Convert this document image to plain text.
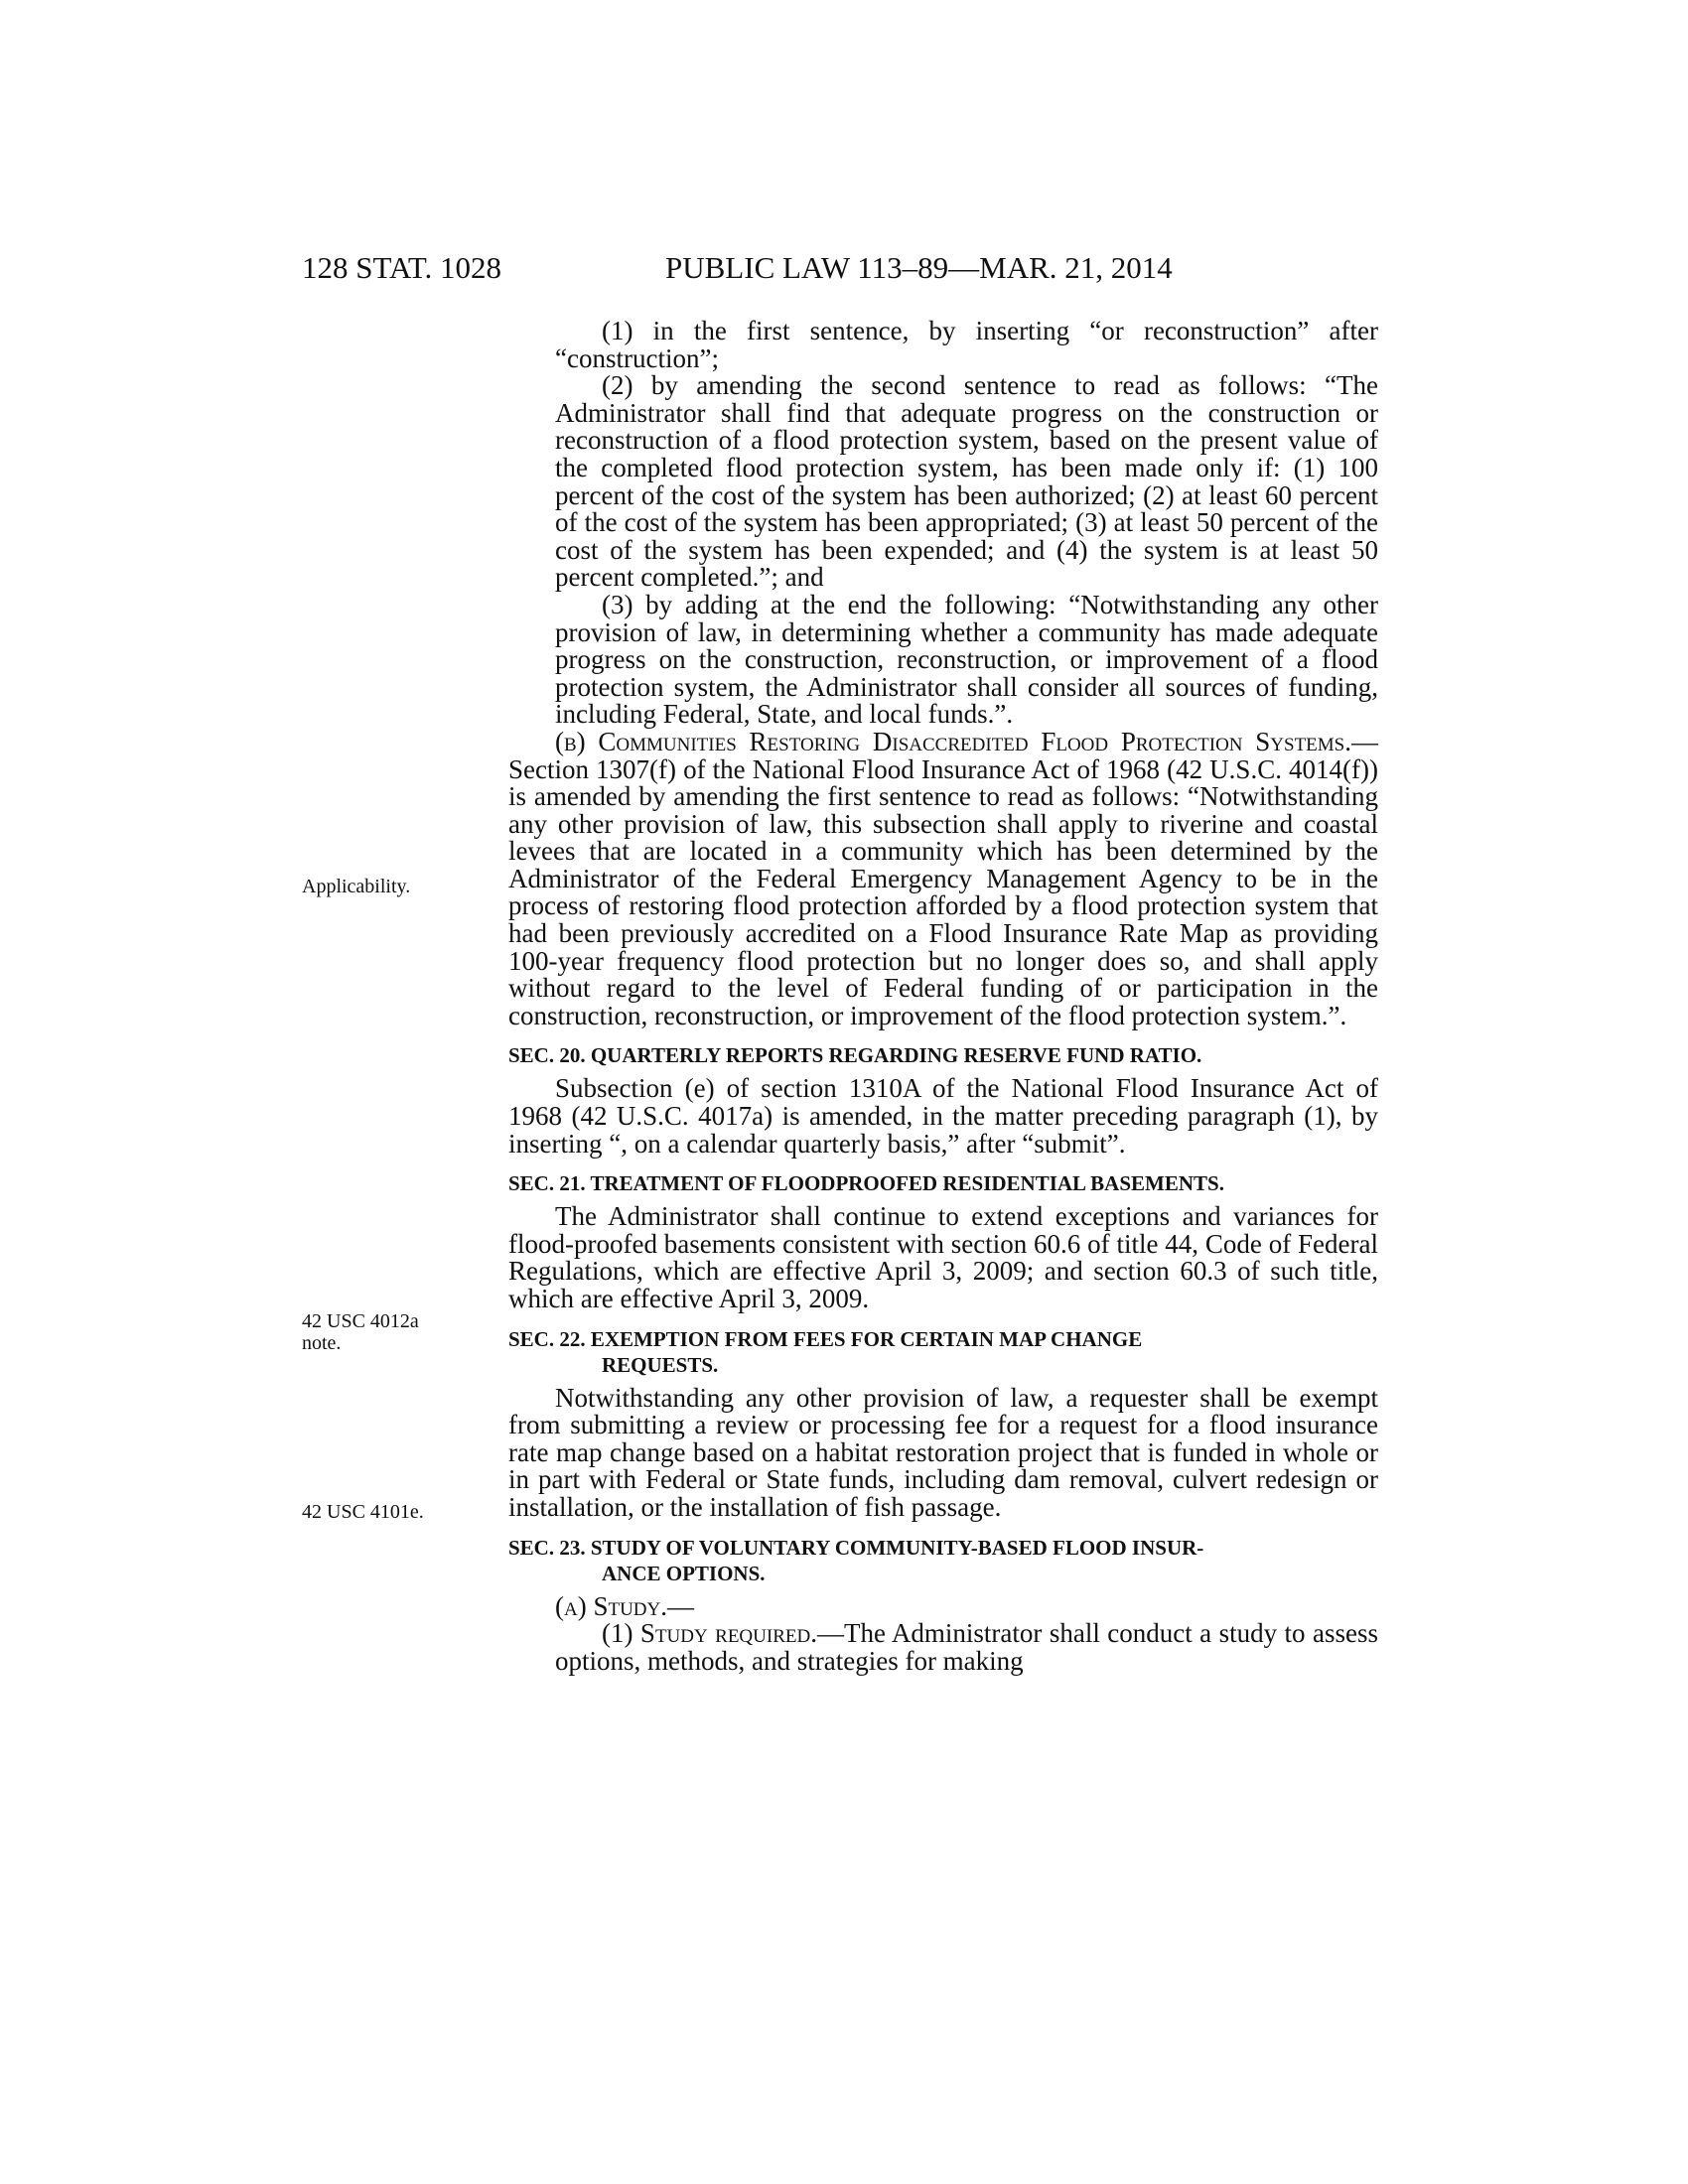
128 STAT. 1028	PUBLIC LAW 113–89—MAR. 21, 2014
Applicability.
42 USC 4012a
note.
42 USC 4101e.

(1) in the first sentence, by inserting “or reconstruction” after “construction”;

(2) by amending the second sentence to read as follows: “The Administrator shall find that adequate progress on the construction or reconstruction of a flood protection system, based on the present value of the completed flood protection system, has been made only if: (1) 100 percent of the cost of the system has been authorized; (2) at least 60 percent of the cost of the system has been appropriated; (3) at least 50 percent of the cost of the system has been expended; and (4) the system is at least 50 percent completed.”; and

(3) by adding at the end the following: “Notwithstanding any other provision of law, in determining whether a community has made adequate progress on the construction, reconstruction, or improvement of a flood protection system, the Administrator shall consider all sources of funding, including Federal, State, and local funds.”.

(b) Communities Restoring Disaccredited Flood Protection Systems.—Section 1307(f) of the National Flood Insurance Act of 1968 (42 U.S.C. 4014(f)) is amended by amending the first sentence to read as follows: “Notwithstanding any other provision of law, this subsection shall apply to riverine and coastal levees that are located in a community which has been determined by the Administrator of the Federal Emergency Management Agency to be in the process of restoring flood protection afforded by a flood protection system that had been previously accredited on a Flood Insurance Rate Map as providing 100-year frequency flood protection but no longer does so, and shall apply without regard to the level of Federal funding of or participation in the construction, reconstruction, or improvement of the flood protection system.”.

SEC. 20. QUARTERLY REPORTS REGARDING RESERVE FUND RATIO.

Subsection (e) of section 1310A of the National Flood Insurance Act of 1968 (42 U.S.C. 4017a) is amended, in the matter preceding paragraph (1), by inserting “, on a calendar quarterly basis,” after “submit”.

SEC. 21. TREATMENT OF FLOODPROOFED RESIDENTIAL BASEMENTS.

The Administrator shall continue to extend exceptions and variances for flood-proofed basements consistent with section 60.6 of title 44, Code of Federal Regulations, which are effective April 3, 2009; and section 60.3 of such title, which are effective April 3, 2009.

SEC. 22. EXEMPTION FROM FEES FOR CERTAIN MAP CHANGE
REQUESTS.

Notwithstanding any other provision of law, a requester shall be exempt from submitting a review or processing fee for a request for a flood insurance rate map change based on a habitat restoration project that is funded in whole or in part with Federal or State funds, including dam removal, culvert redesign or installation, or the installation of fish passage.

SEC. 23. STUDY OF VOLUNTARY COMMUNITY-BASED FLOOD INSUR-
ANCE OPTIONS.

(a) Study.—

(1) Study required.—The Administrator shall conduct a study to assess options, methods, and strategies for making
